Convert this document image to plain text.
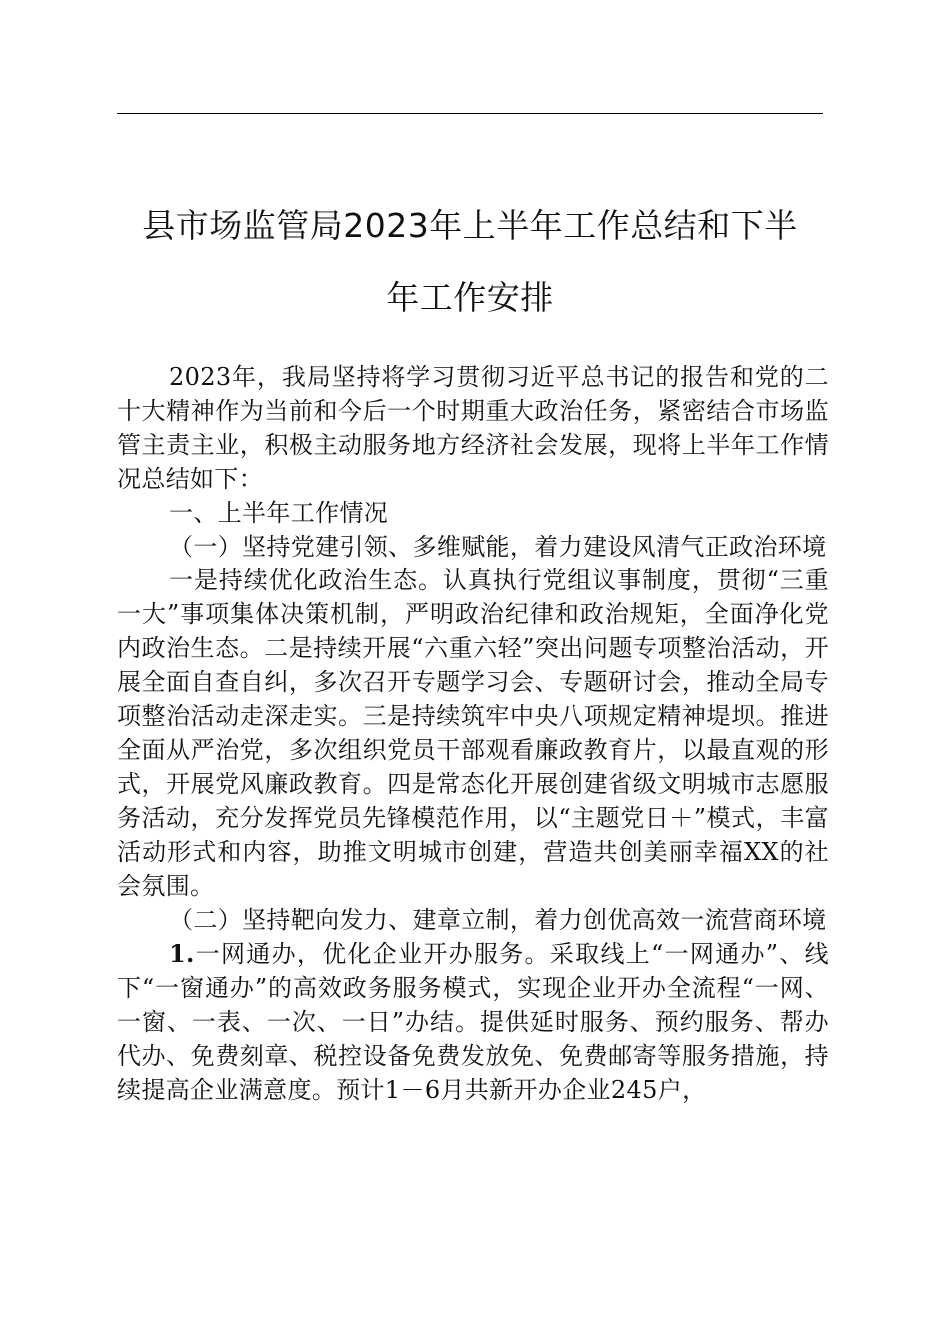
县市场监管局2023年上半年工作总结和下半
年工作安排

2023年，我局坚持将学习贯彻习近平总书记的报告和党的二十大精神作为当前和今后一个时期重大政治任务，紧密结合市场监管主责主业，积极主动服务地方经济社会发展，现将上半年工作情况总结如下：

一、上半年工作情况

（一）坚持党建引领、多维赋能，着力建设风清气正政治环境

一是持续优化政治生态。认真执行党组议事制度，贯彻“三重一大”事项集体决策机制，严明政治纪律和政治规矩，全面净化党内政治生态。二是持续开展“六重六轻”突出问题专项整治活动，开展全面自查自纠，多次召开专题学习会、专题研讨会，推动全局专项整治活动走深走实。三是持续筑牢中央八项规定精神堤坝。推进全面从严治党，多次组织党员干部观看廉政教育片，以最直观的形式，开展党风廉政教育。四是常态化开展创建省级文明城市志愿服务活动，充分发挥党员先锋模范作用，以“主题党日＋”模式，丰富活动形式和内容，助推文明城市创建，营造共创美丽幸福XX的社会氛围。

（二）坚持靶向发力、建章立制，着力创优高效一流营商环境

1.一网通办，优化企业开办服务。采取线上“一网通办”、线下“一窗通办”的高效政务服务模式，实现企业开办全流程“一网、一窗、一表、一次、一日”办结。提供延时服务、预约服务、帮办代办、免费刻章、税控设备免费发放免、免费邮寄等服务措施，持续提高企业满意度。预计1－6月共新开办企业245户，
